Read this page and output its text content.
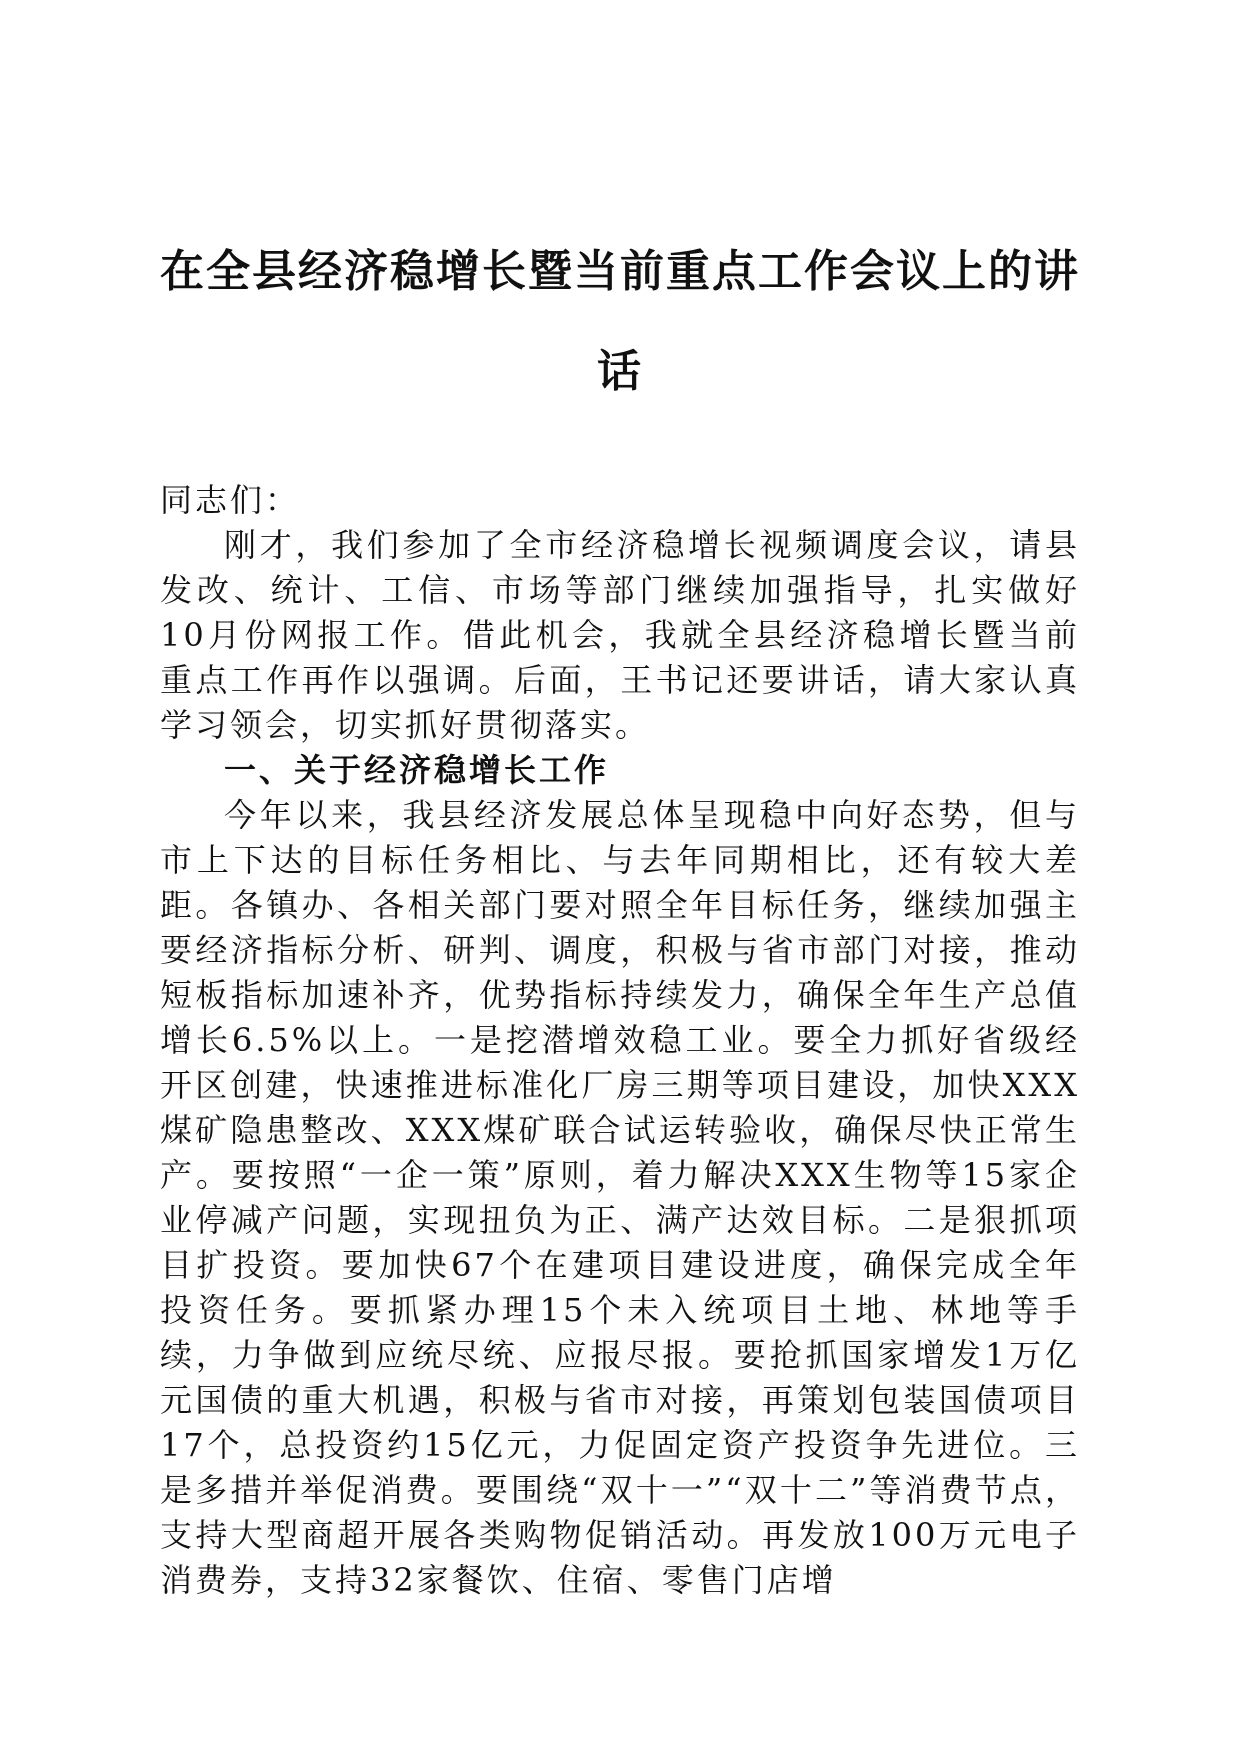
在全县经济稳增长暨当前重点工作会议上的讲话

同志们：

刚才，我们参加了全市经济稳增长视频调度会议，请县发改、统计、工信、市场等部门继续加强指导，扎实做好10月份网报工作。借此机会，我就全县经济稳增长暨当前重点工作再作以强调。后面，王书记还要讲话，请大家认真学习领会，切实抓好贯彻落实。

一、关于经济稳增长工作

今年以来，我县经济发展总体呈现稳中向好态势，但与市上下达的目标任务相比、与去年同期相比，还有较大差距。各镇办、各相关部门要对照全年目标任务，继续加强主要经济指标分析、研判、调度，积极与省市部门对接，推动短板指标加速补齐，优势指标持续发力，确保全年生产总值增长6.5%以上。一是挖潜增效稳工业。要全力抓好省级经开区创建，快速推进标准化厂房三期等项目建设，加快XXX煤矿隐患整改、XXX煤矿联合试运转验收，确保尽快正常生产。要按照“一企一策”原则，着力解决XXX生物等15家企业停减产问题，实现扭负为正、满产达效目标。二是狠抓项目扩投资。要加快67个在建项目建设进度，确保完成全年投资任务。要抓紧办理15个未入统项目土地、林地等手续，力争做到应统尽统、应报尽报。要抢抓国家增发1万亿元国债的重大机遇，积极与省市对接，再策划包装国债项目17个，总投资约15亿元，力促固定资产投资争先进位。三是多措并举促消费。要围绕“双十一”“双十二”等消费节点，支持大型商超开展各类购物促销活动。再发放100万元电子消费券，支持32家餐饮、住宿、零售门店增
